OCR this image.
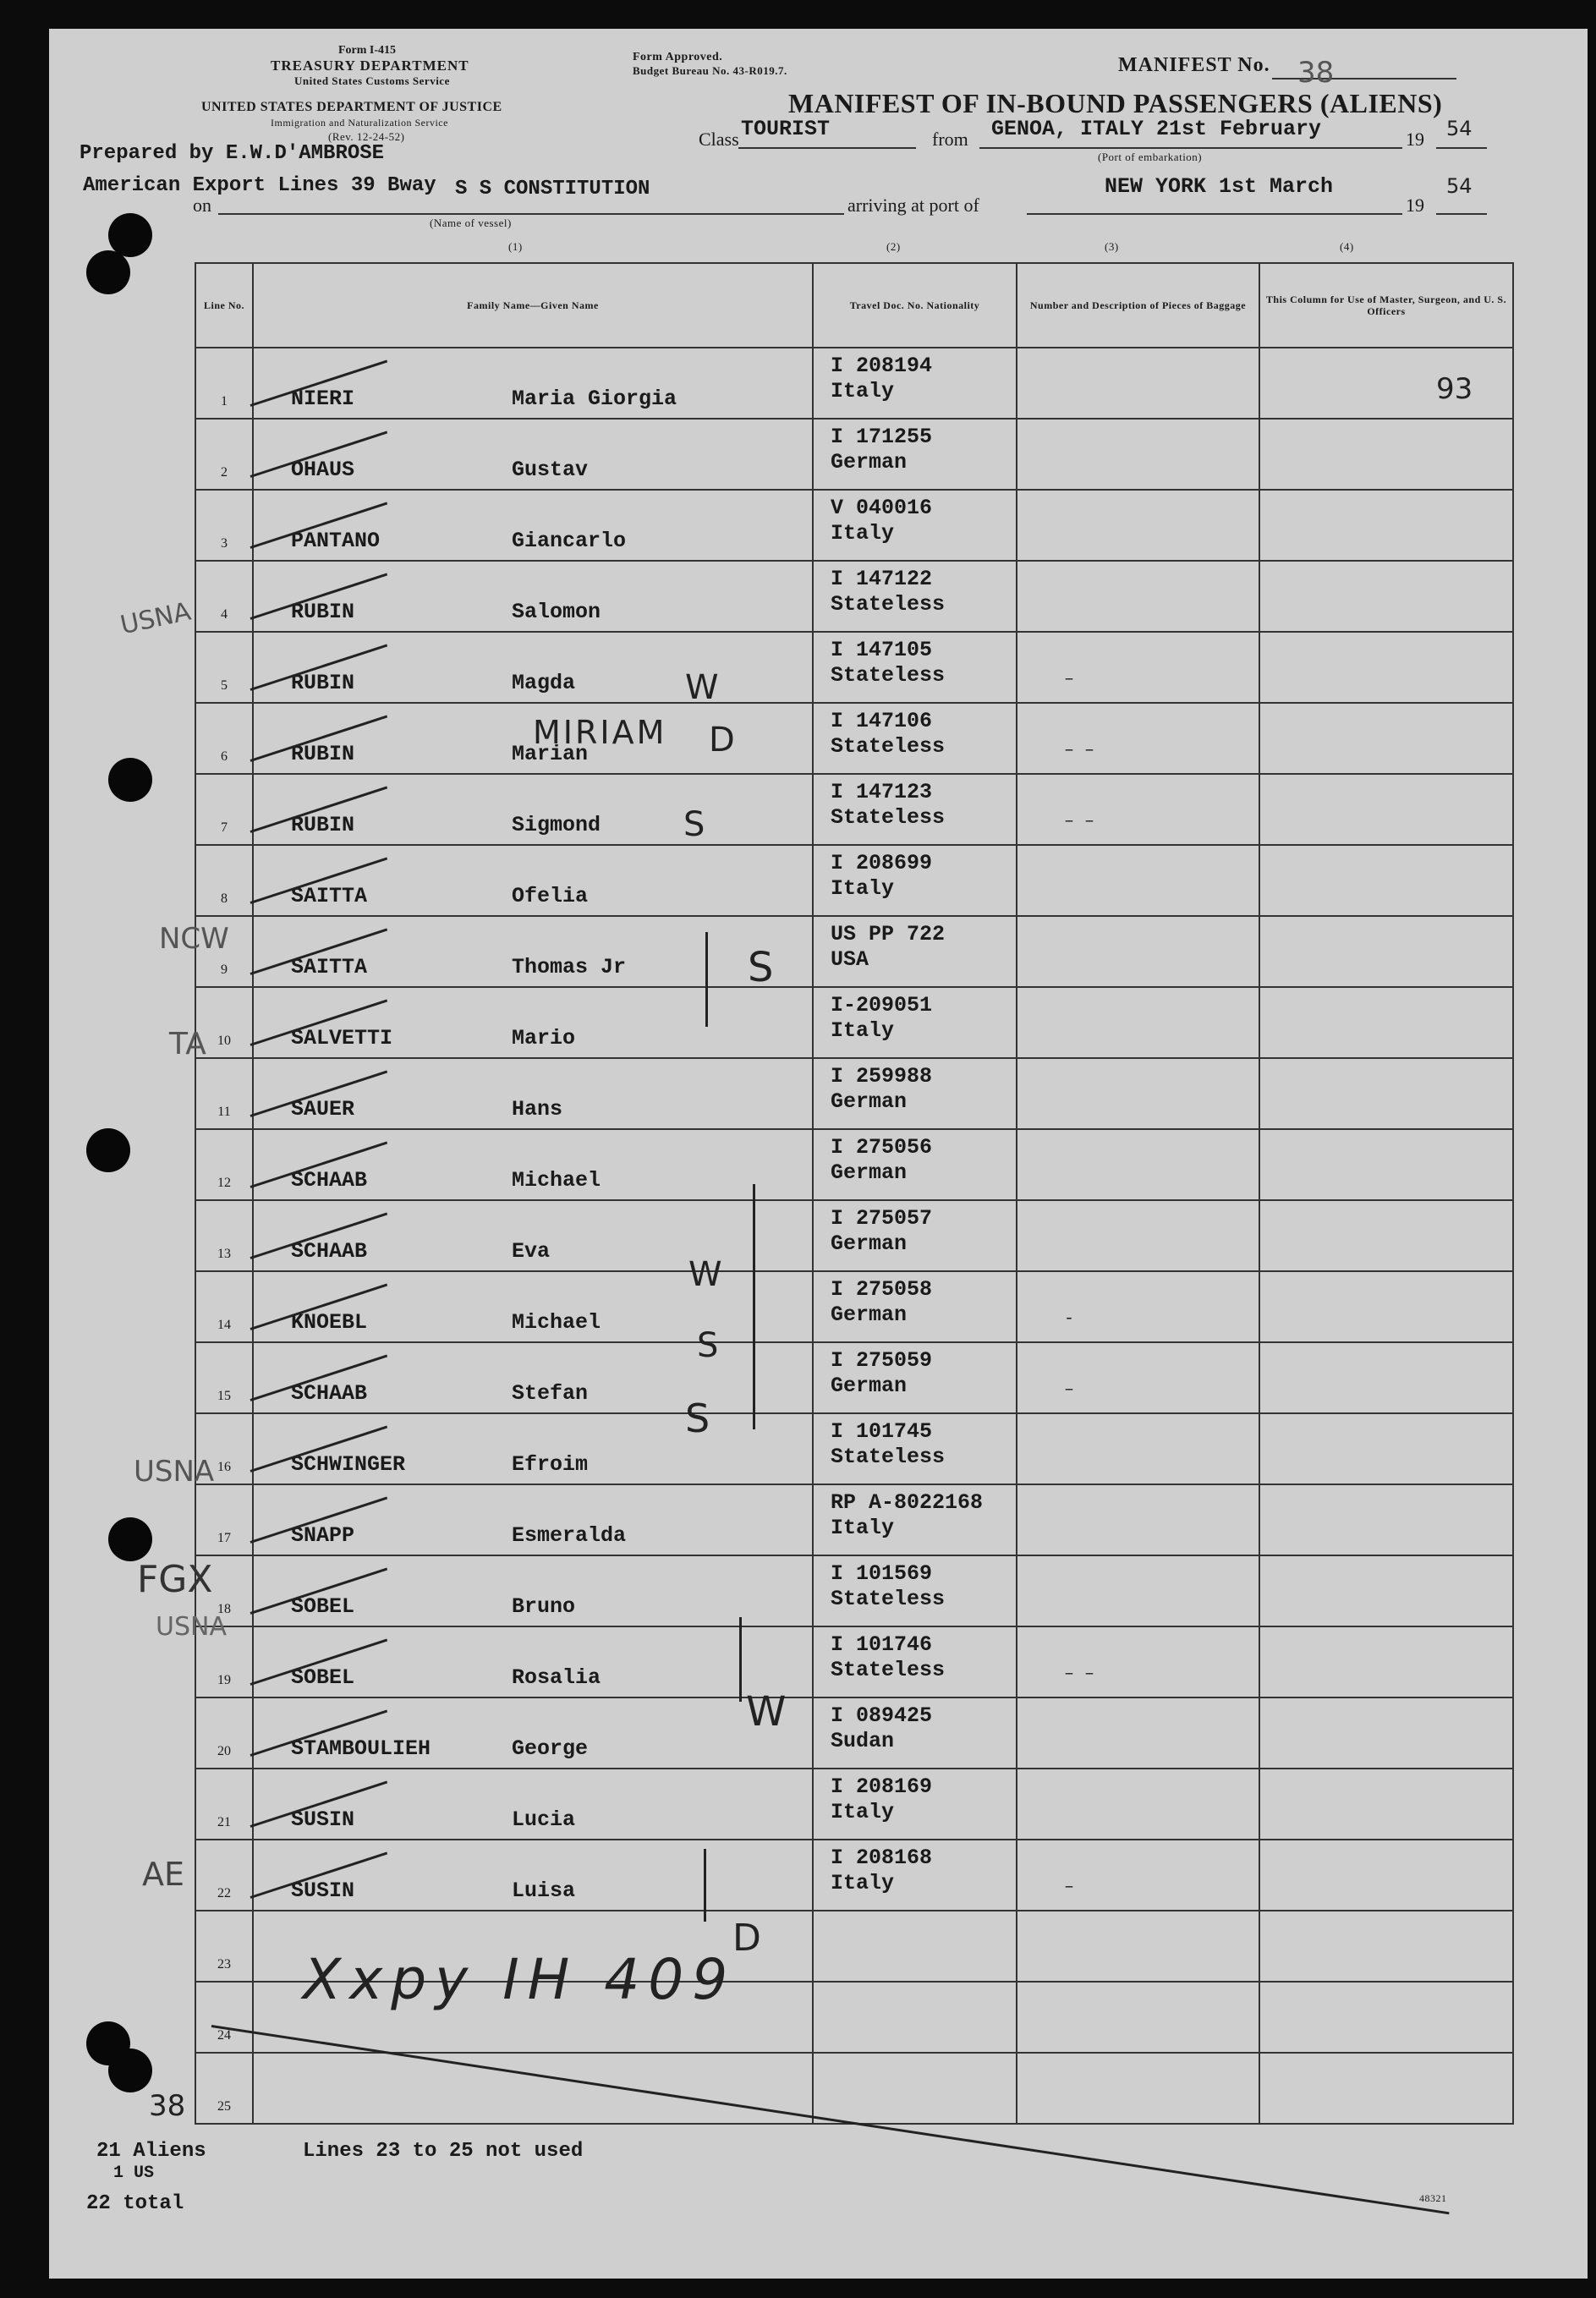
Form I-415
TREASURY DEPARTMENT
United States Customs Service
UNITED STATES DEPARTMENT OF JUSTICE
Immigration and Naturalization Service
(Rev. 12-24-52)
Form Approved.
Budget Bureau No. 43-R019.7.	MANIFEST No. 38
MANIFEST OF IN-BOUND PASSENGERS (ALIENS)
Class TOURIST	from GENOA, ITALY 21st February	19 54
(Port of embarkation)
Prepared by E.W.D'AMBROSE
American Export Lines 39 Bway
on
S S CONSTITUTION
(Name of vessel)
arriving at port of
NEW YORK 1st March
19
54
(1)	(2)	(3)	(4)
Line No.	Family Name—Given Name	Travel Doc. No. Nationality	Number and Description of Pieces of Baggage	This Column for Use of Master, Surgeon, and U. S. Officers

1	NIERI Maria Giorgia	I 208194
Italy		93

2	OHAUS Gustav	I 171255
German		

3	PANTANO Giancarlo	V 040016
Italy		

4	RUBIN Salomon	I 147122
Stateless		

5	RUBIN Magda	I 147105
Stateless	–	

6	RUBIN Marian	I 147106
Stateless	– –	

7	RUBIN Sigmond	I 147123
Stateless	– –	

8	SAITTA Ofelia	I 208699
Italy		

9	SAITTA Thomas Jr	US PP 722
USA		

10	SALVETTI Mario	I-209051
Italy		

11	SAUER Hans	I 259988
German		

12	SCHAAB Michael	I 275056
German		

13	SCHAAB Eva	I 275057
German		

14	KNOEBL Michael	I 275058
German	-	

15	SCHAAB Stefan	I 275059
German	–	

16	SCHWINGER Efroim	I 101745
Stateless		

17	SNAPP Esmeralda	RP A-8022168
Italy		

18	SOBEL Bruno	I 101569
Stateless		

19	SOBEL Rosalia	I 101746
Stateless	– –	

20	STAMBOULIEH George	I 089425
Sudan		

21	SUSIN Lucia	I 208169
Italy		

22	SUSIN Luisa	I 208168
Italy	–	

23				

24				

25				

Lines 23 to 25 not used
21 Aliens
1 US
22 total	48321
MIRIAM
38
Xxpy IH 409
USNA
NCW
TA
USNA
FGX
USNA
AE
W
D
S
S
W
S
S
W
D
